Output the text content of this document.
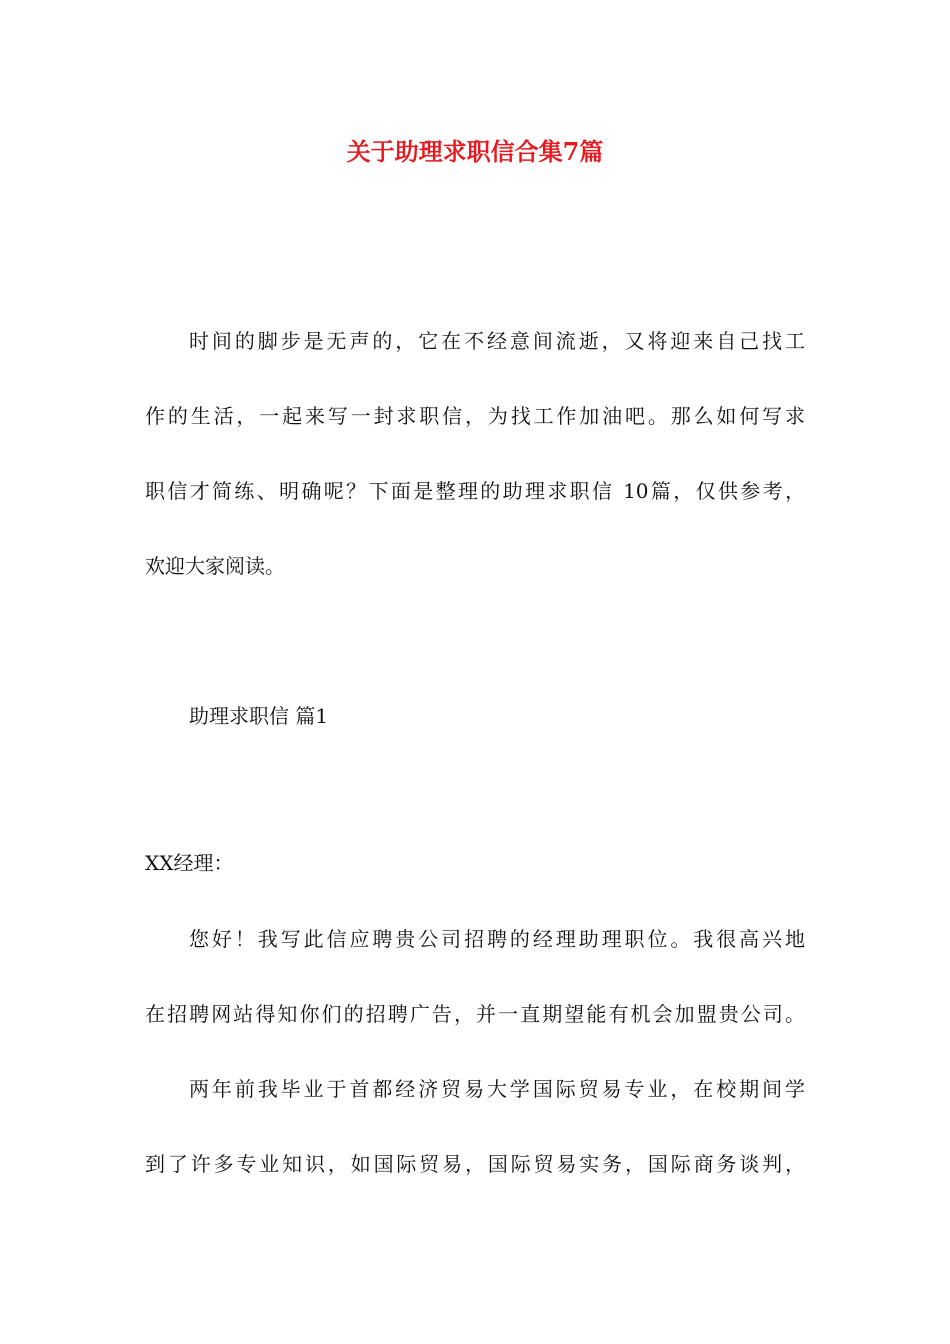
关于助理求职信合集7篇

时间的脚步是无声的，它在不经意间流逝，又将迎来自己找工

作的生活，一起来写一封求职信，为找工作加油吧。那么如何写求

职信才简练、明确呢？下面是整理的助理求职信 10篇，仅供参考，

欢迎大家阅读。

助理求职信 篇1

XX经理：

您好！我写此信应聘贵公司招聘的经理助理职位。我很高兴地

在招聘网站得知你们的招聘广告，并一直期望能有机会加盟贵公司。

两年前我毕业于首都经济贸易大学国际贸易专业，在校期间学

到了许多专业知识，如国际贸易，国际贸易实务，国际商务谈判，
